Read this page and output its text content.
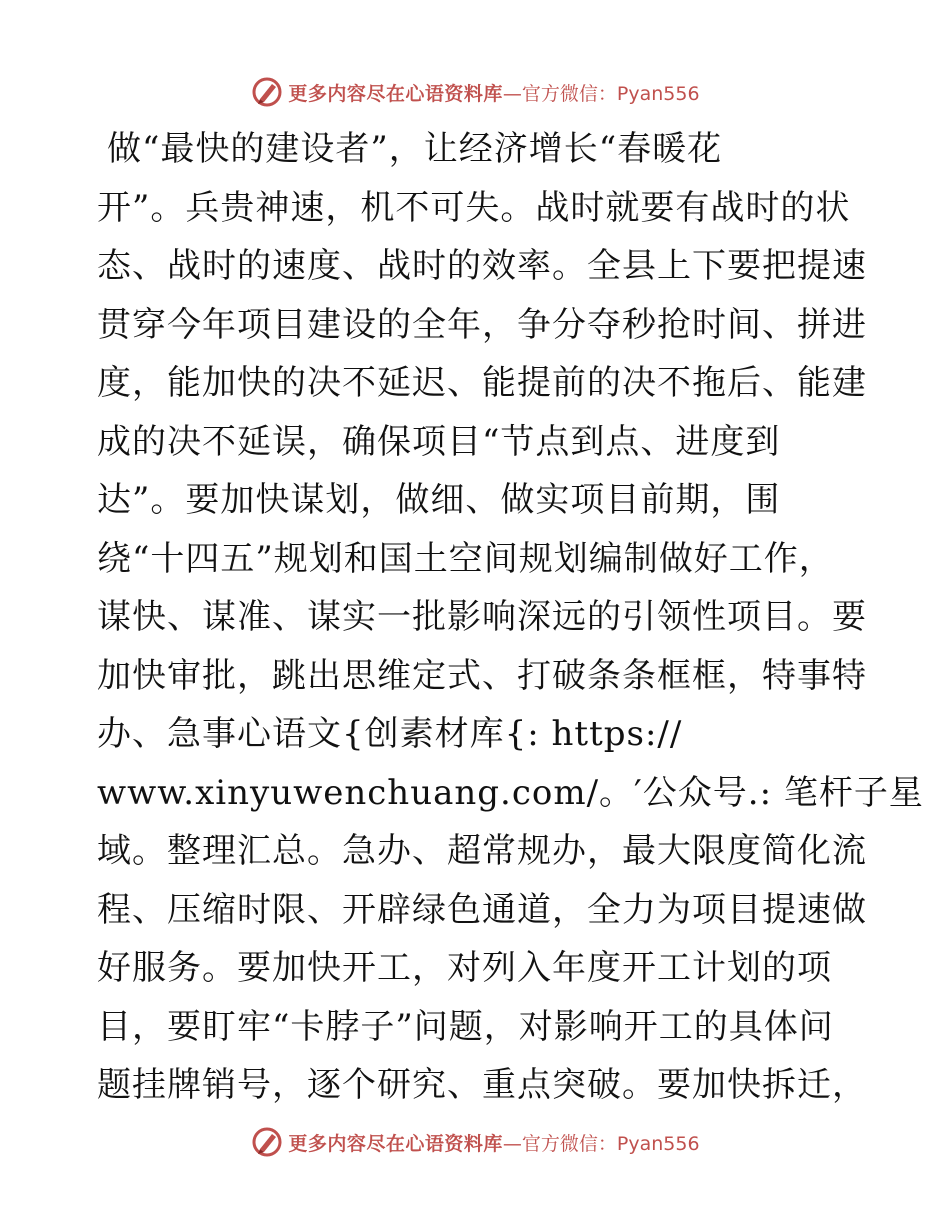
更多内容尽在心语资料库 —官方微信：Pyan556
做“最快的建设者”，让经济增长“春暖花
开”。兵贵神速，机不可失。战时就要有战时的状
态、战时的速度、战时的效率。全县上下要把提速
贯穿今年项目建设的全年，争分夺秒抢时间、拼进
度，能加快的决不延迟、能提前的决不拖后、能建
成的决不延误，确保项目“节点到点、进度到
达”。要加快谋划，做细、做实项目前期，围
绕“十四五”规划和国土空间规划编制做好工作，
谋快、谋准、谋实一批影响深远的引领性项目。要
加快审批，跳出思维定式、打破条条框框，特事特
办、急事心语文{创素材库{: https://
www.xinyuwenchuang.com/。′公众号.: 笔杆子星
域。整理汇总。急办、超常规办，最大限度简化流
程、压缩时限、开辟绿色通道，全力为项目提速做
好服务。要加快开工，对列入年度开工计划的项
目，要盯牢“卡脖子”问题，对影响开工的具体问
题挂牌销号，逐个研究、重点突破。要加快拆迁，
更多内容尽在心语资料库 —官方微信：Pyan556
